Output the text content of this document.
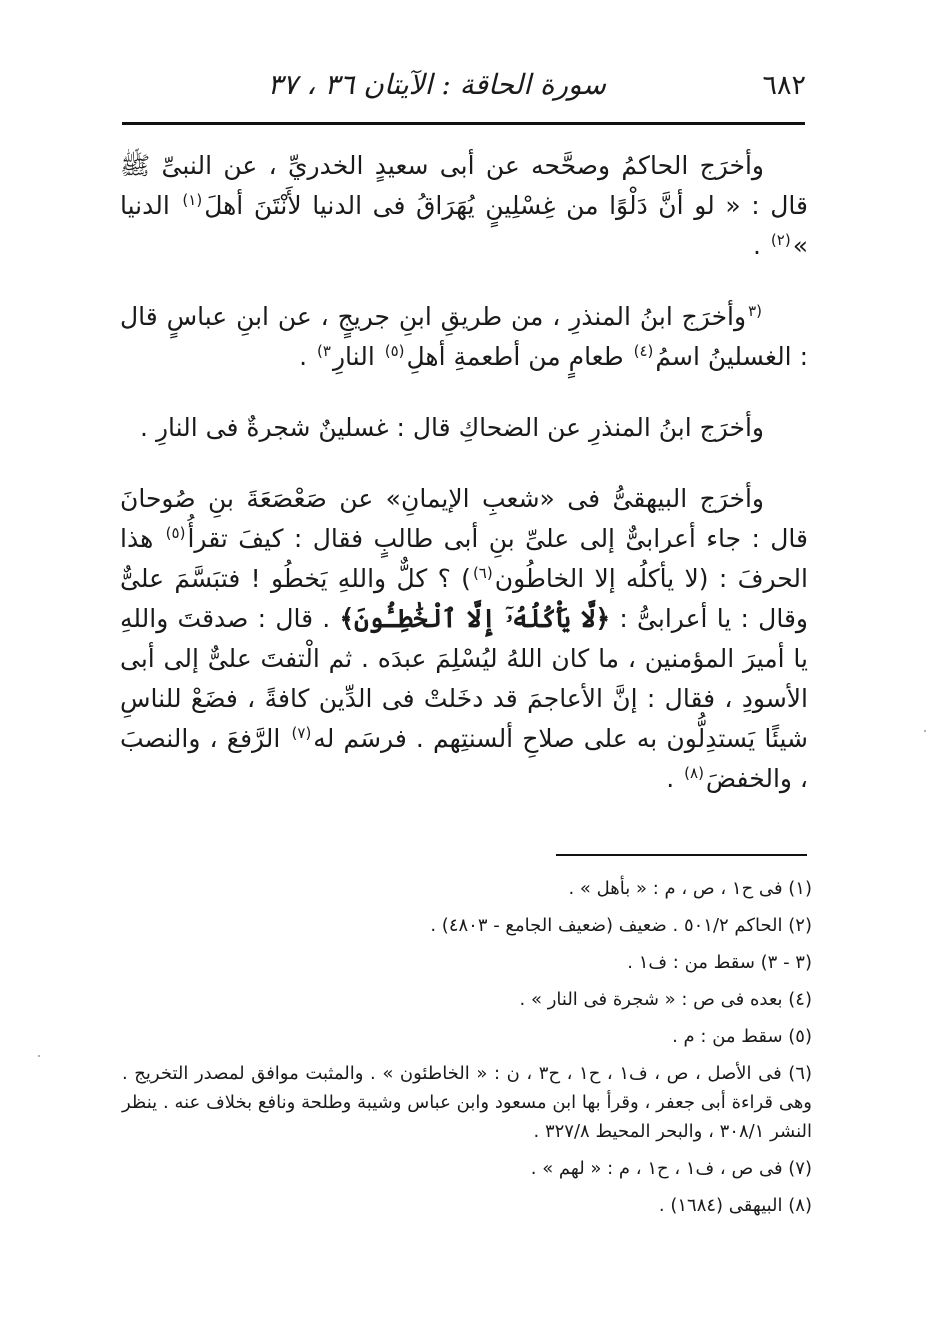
٦٨٢
سورة الحاقة : الآيتان ٣٦ ، ٣٧

وأخرَج الحاكمُ وصحَّحه عن أبى سعيدٍ الخدريِّ ، عن النبىِّ ﷺ قال : « لو أنَّ دَلْوًا من غِسْلِينٍ يُهَرَاقُ فى الدنيا لأَنْتَنَ أهلَ$^{(١)}$ الدنيا »$^{(٢)}$ .

$^{(٣}$وأخرَج ابنُ المنذرِ ، من طريقِ ابنِ جريجٍ ، عن ابنِ عباسٍ قال : الغسلينُ اسمُ$^{(٤)}$ طعامٍ من أطعمةِ أهلِ$^{(٥)}$ النارِ$^{٣)}$ .

وأخرَج ابنُ المنذرِ عن الضحاكِ قال : غسلينٌ شجرةٌ فى النارِ .

وأخرَج البيهقىُّ فى «شعبِ الإيمانِ» عن صَعْصَعَةَ بنِ صُوحانَ قال : جاء أعرابىٌّ إلى علىِّ بنِ أبى طالبٍ فقال : كيفَ تقرأُ$^{(٥)}$ هذا الحرفَ : (لا يأكلُه إلا الخاطُون$^{(٦)}$) ؟ كلٌّ واللهِ يَخطُو ! فتبَسَّمَ علىٌّ وقال : يا أعرابىُّ : ﴿لَّا يَأْكُلُهُۥٓ إِلَّا ٱلْخَٰطِـُٔونَ﴾ . قال : صدقتَ واللهِ يا أميرَ المؤمنين ، ما كان اللهُ ليُسْلِمَ عبدَه . ثم الْتفتَ علىٌّ إلى أبى الأسودِ ، فقال : إنَّ الأعاجمَ قد دخَلتْ فى الدِّين كافةً ، فضَعْ للناسِ شيئًا يَستدِلُّون به على صلاحِ ألسنتِهم . فرسَم له$^{(٧)}$ الرَّفعَ ، والنصبَ ، والخفضَ$^{(٨)}$ .

(١) فى ح١ ، ص ، م : « بأهل » .
(٢) الحاكم ٥٠١/٢ . ضعيف (ضعيف الجامع - ٤٨٠٣) .
(٣ - ٣) سقط من : ف١ .
(٤) بعده فى ص : « شجرة فى النار » .
(٥) سقط من : م .
(٦) فى الأصل ، ص ، ف١ ، ح١ ، ح٣ ، ن : « الخاطئون » . والمثبت موافق لمصدر التخريج . وهى قراءة أبى جعفر ، وقرأ بها ابن مسعود وابن عباس وشيبة وطلحة ونافع بخلاف عنه . ينظر النشر ٣٠٨/١ ، والبحر المحيط ٣٢٧/٨ .
(٧) فى ص ، ف١ ، ح١ ، م : « لهم » .
(٨) البيهقى (١٦٨٤) .
